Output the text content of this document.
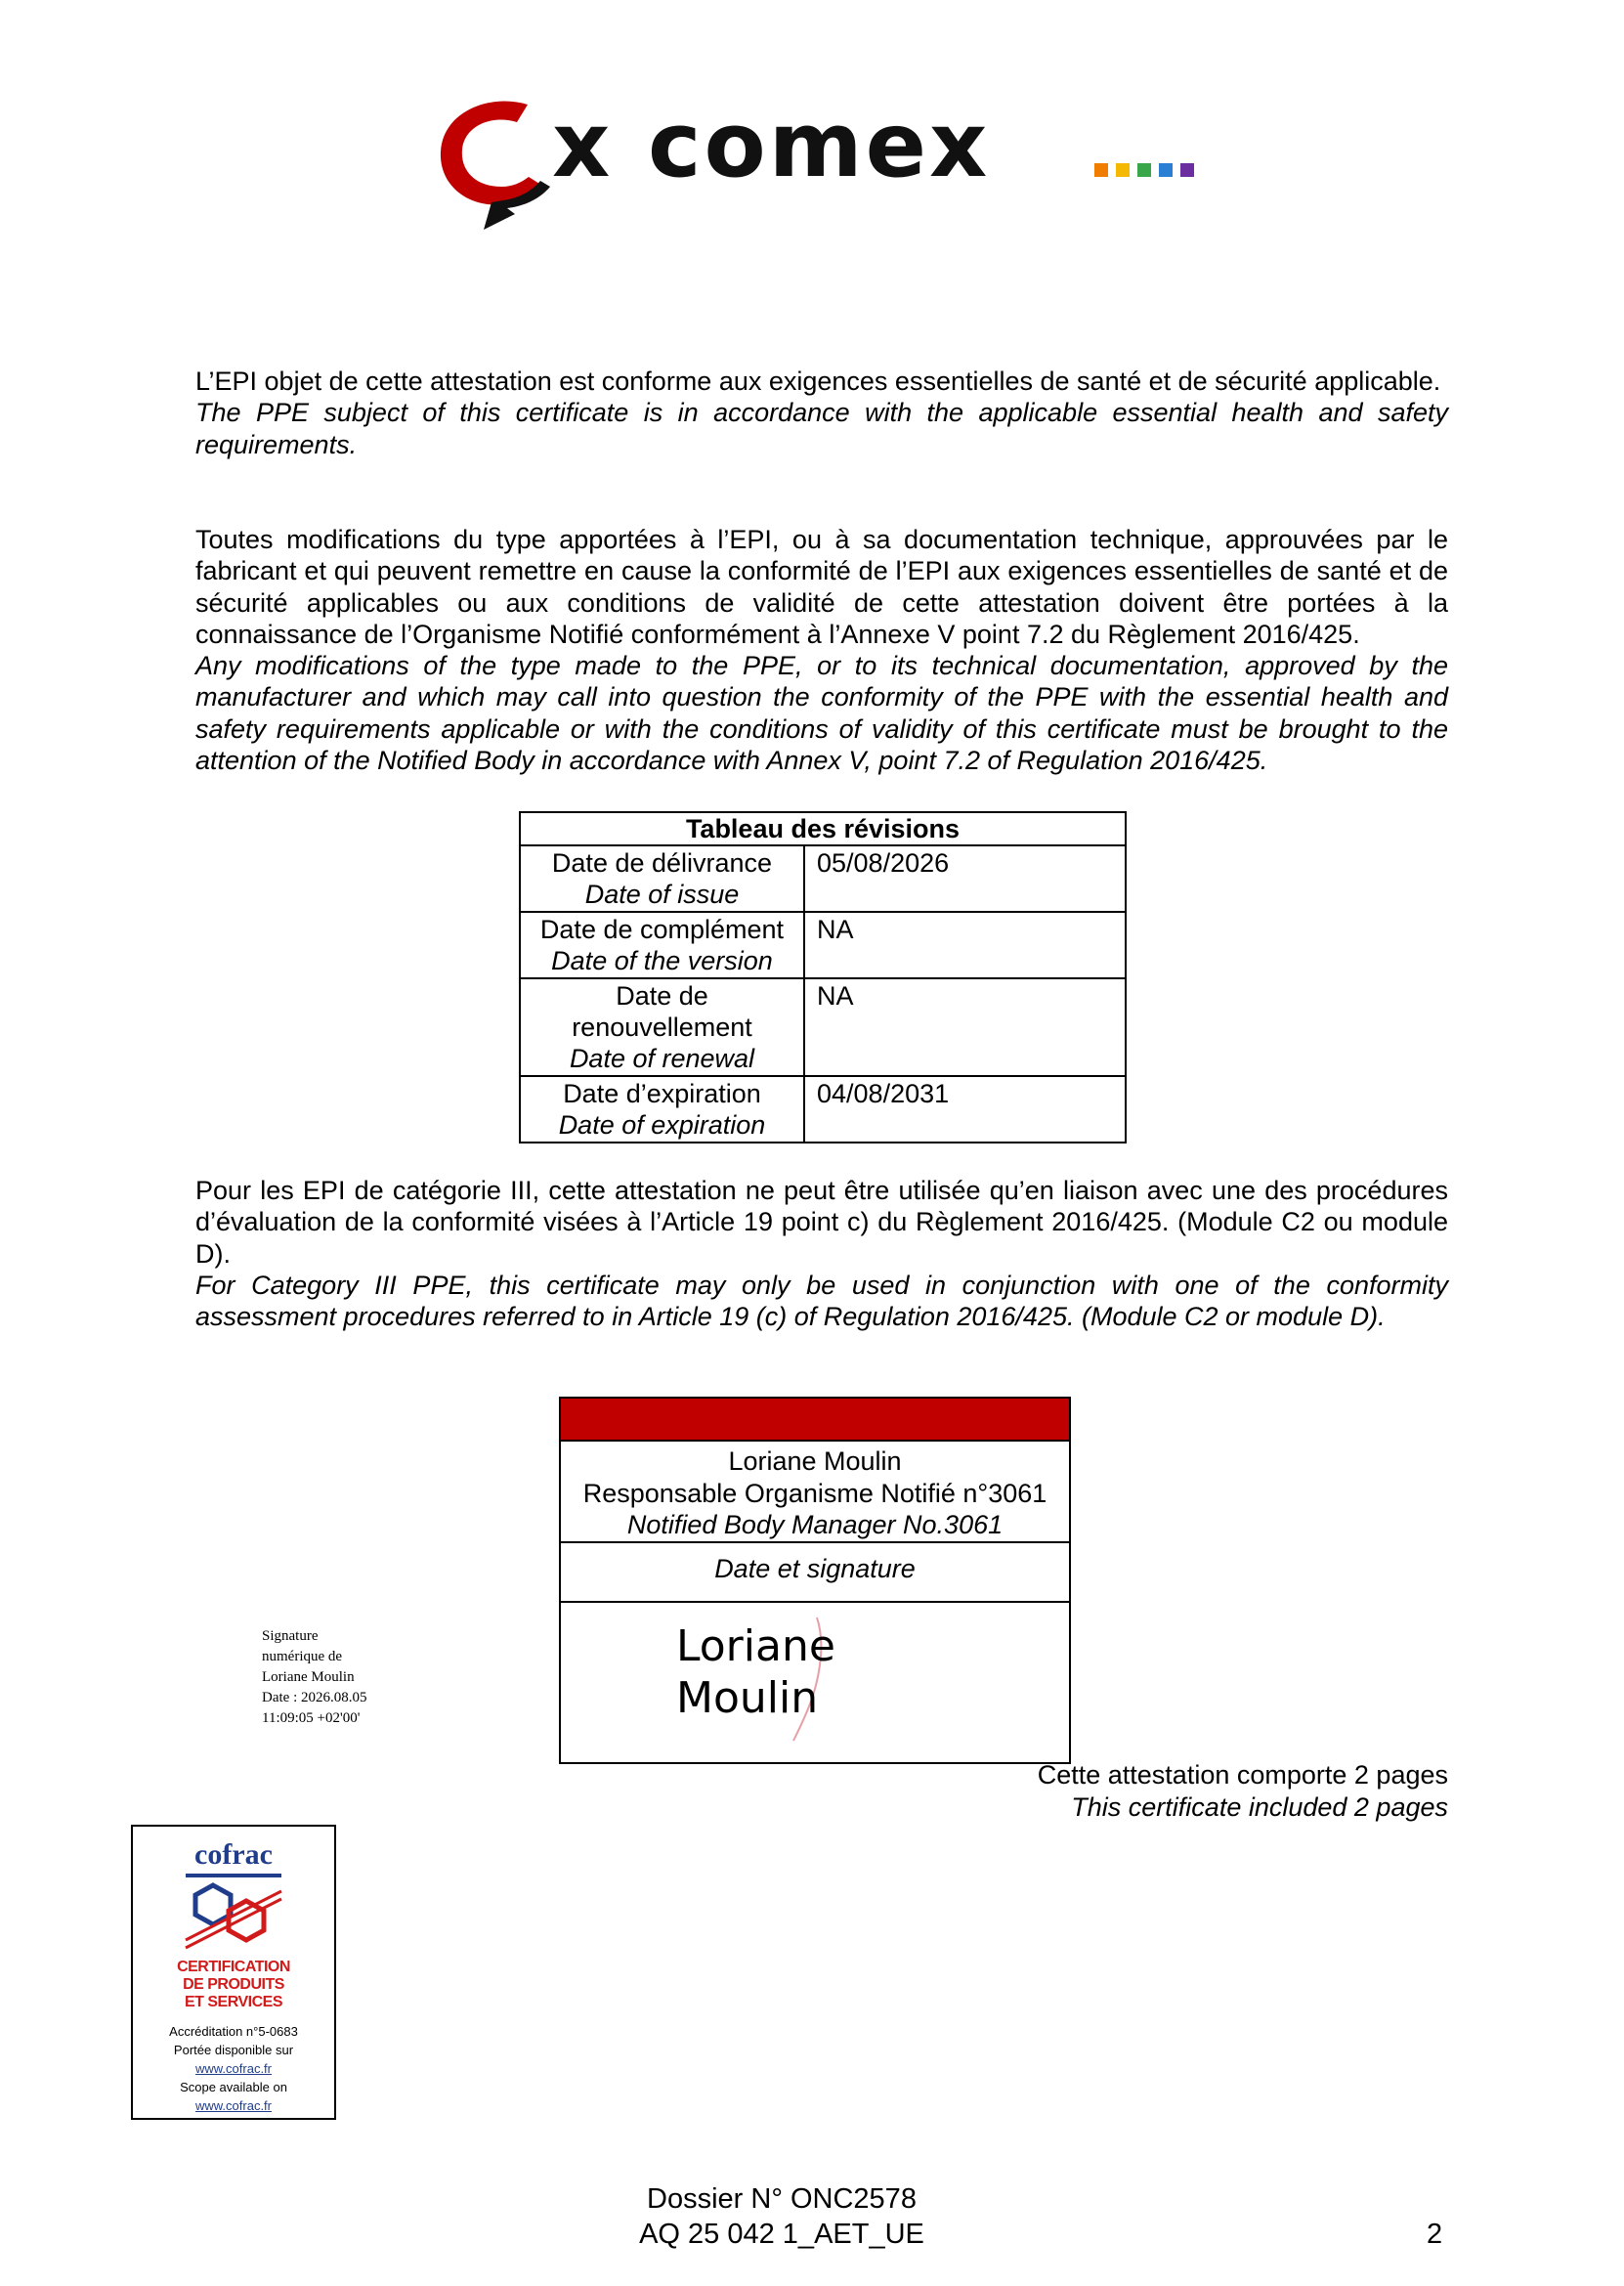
x comex
L’EPI objet de cette attestation est conforme aux exigences essentielles de santé et de sécurité applicable.
The PPE subject of this certificate is in accordance with the applicable essential health and safety requirements.
Toutes modifications du type apportées à l’EPI, ou à sa documentation technique, approuvées par le fabricant et qui peuvent remettre en cause la conformité de l’EPI aux exigences essentielles de santé et de sécurité applicables ou aux conditions de validité de cette attestation doivent être portées à la connaissance de l’Organisme Notifié conformément à l’Annexe V point 7.2 du Règlement 2016/425.
Any modifications of the type made to the PPE, or to its technical documentation, approved by the manufacturer and which may call into question the conformity of the PPE with the essential health and safety requirements applicable or with the conditions of validity of this certificate must be brought to the attention of the Notified Body in accordance with Annex V, point 7.2 of Regulation 2016/425.
Tableau des révisions	

Date de délivrance
Date of issue	05/08/2026

Date de complément
Date of the version	NA

Date de renouvellement
Date of renewal	NA

Date d’expiration
Date of expiration	04/08/2031
Pour les EPI de catégorie III, cette attestation ne peut être utilisée qu’en liaison avec une des procédures d’évaluation de la conformité visées à l’Article 19 point c) du Règlement 2016/425. (Module C2 ou module D).
For Category III PPE, this certificate may only be used in conjunction with one of the conformity assessment procedures referred to in Article 19 (c) of Regulation 2016/425. (Module C2 or module D).
Loriane Moulin
Responsable Organisme Notifié n°3061
Notified Body Manager No.3061
Date et signature
Loriane
Moulin
Signature
numérique de
Loriane Moulin
Date : 2026.08.05
11:09:05 +02'00'
Cette attestation comporte 2 pages
This certificate included 2 pages
cofrac
CERTIFICATION
DE PRODUITS
ET SERVICES
Accréditation n°5-0683
Portée disponible sur
www.cofrac.fr
Scope available on
www.cofrac.fr
Dossier N° ONC2578
AQ 25 042 1_AET_UE	2
